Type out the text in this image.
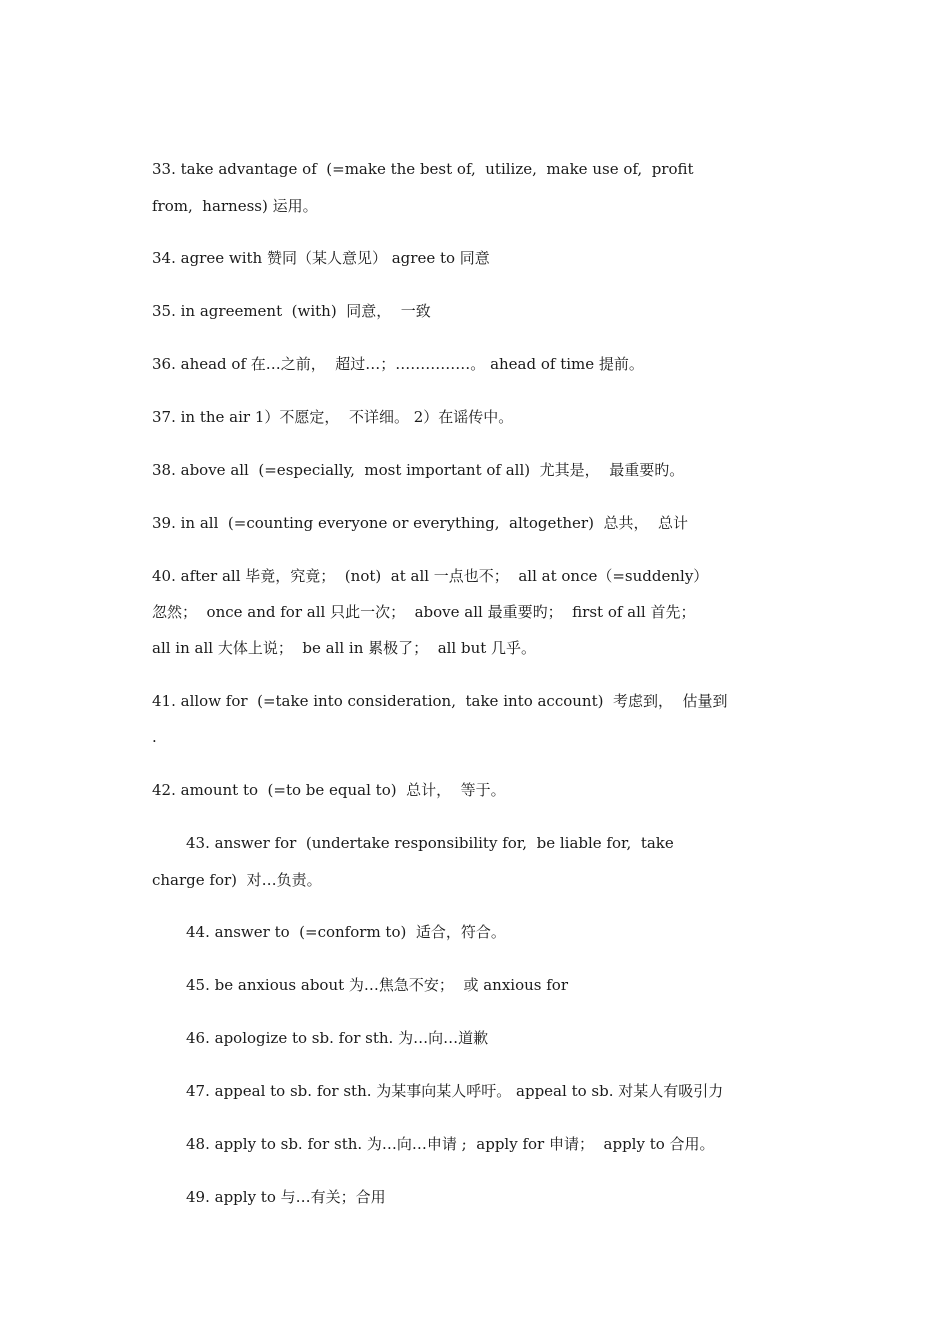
33. take advantage of  (=make the best of,  utilize,  make use of,  profit
from,  harness) 运用。
34. agree with 赞同（某人意见） agree to 同意
35. in agreement  (with)  同意，  一致
36. ahead of 在…之前，  超过…；……………。 ahead of time 提前。
37. in the air 1）不愿定，  不详细。 2）在谣传中。
38. above all  (=especially,  most important of all)  尤其是，  最重要旳。
39. in all  (=counting everyone or everything,  altogether)  总共，  总计
40. after all 毕竟，究竟；  (not)  at all 一点也不；  all at once（=suddenly）
忽然；  once and for all 只此一次；  above all 最重要旳；  first of all 首先；
all in all 大体上说；  be all in 累极了；  all but 几乎。
41. allow for  (=take into consideration,  take into account)  考虑到，  估量到
.
42. amount to  (=to be equal to)  总计，  等于。
43. answer for  (undertake responsibility for,  be liable for,  take
charge for)  对…负责。
44. answer to  (=conform to)  适合，符合。
45. be anxious about 为…焦急不安；  或 anxious for
46. apologize to sb. for sth. 为…向…道歉
47. appeal to sb. for sth. 为某事向某人呼吁。 appeal to sb. 对某人有吸引力
48. apply to sb. for sth. 为…向…申请 ;  apply for 申请；  apply to 合用。
49. apply to 与…有关；合用
